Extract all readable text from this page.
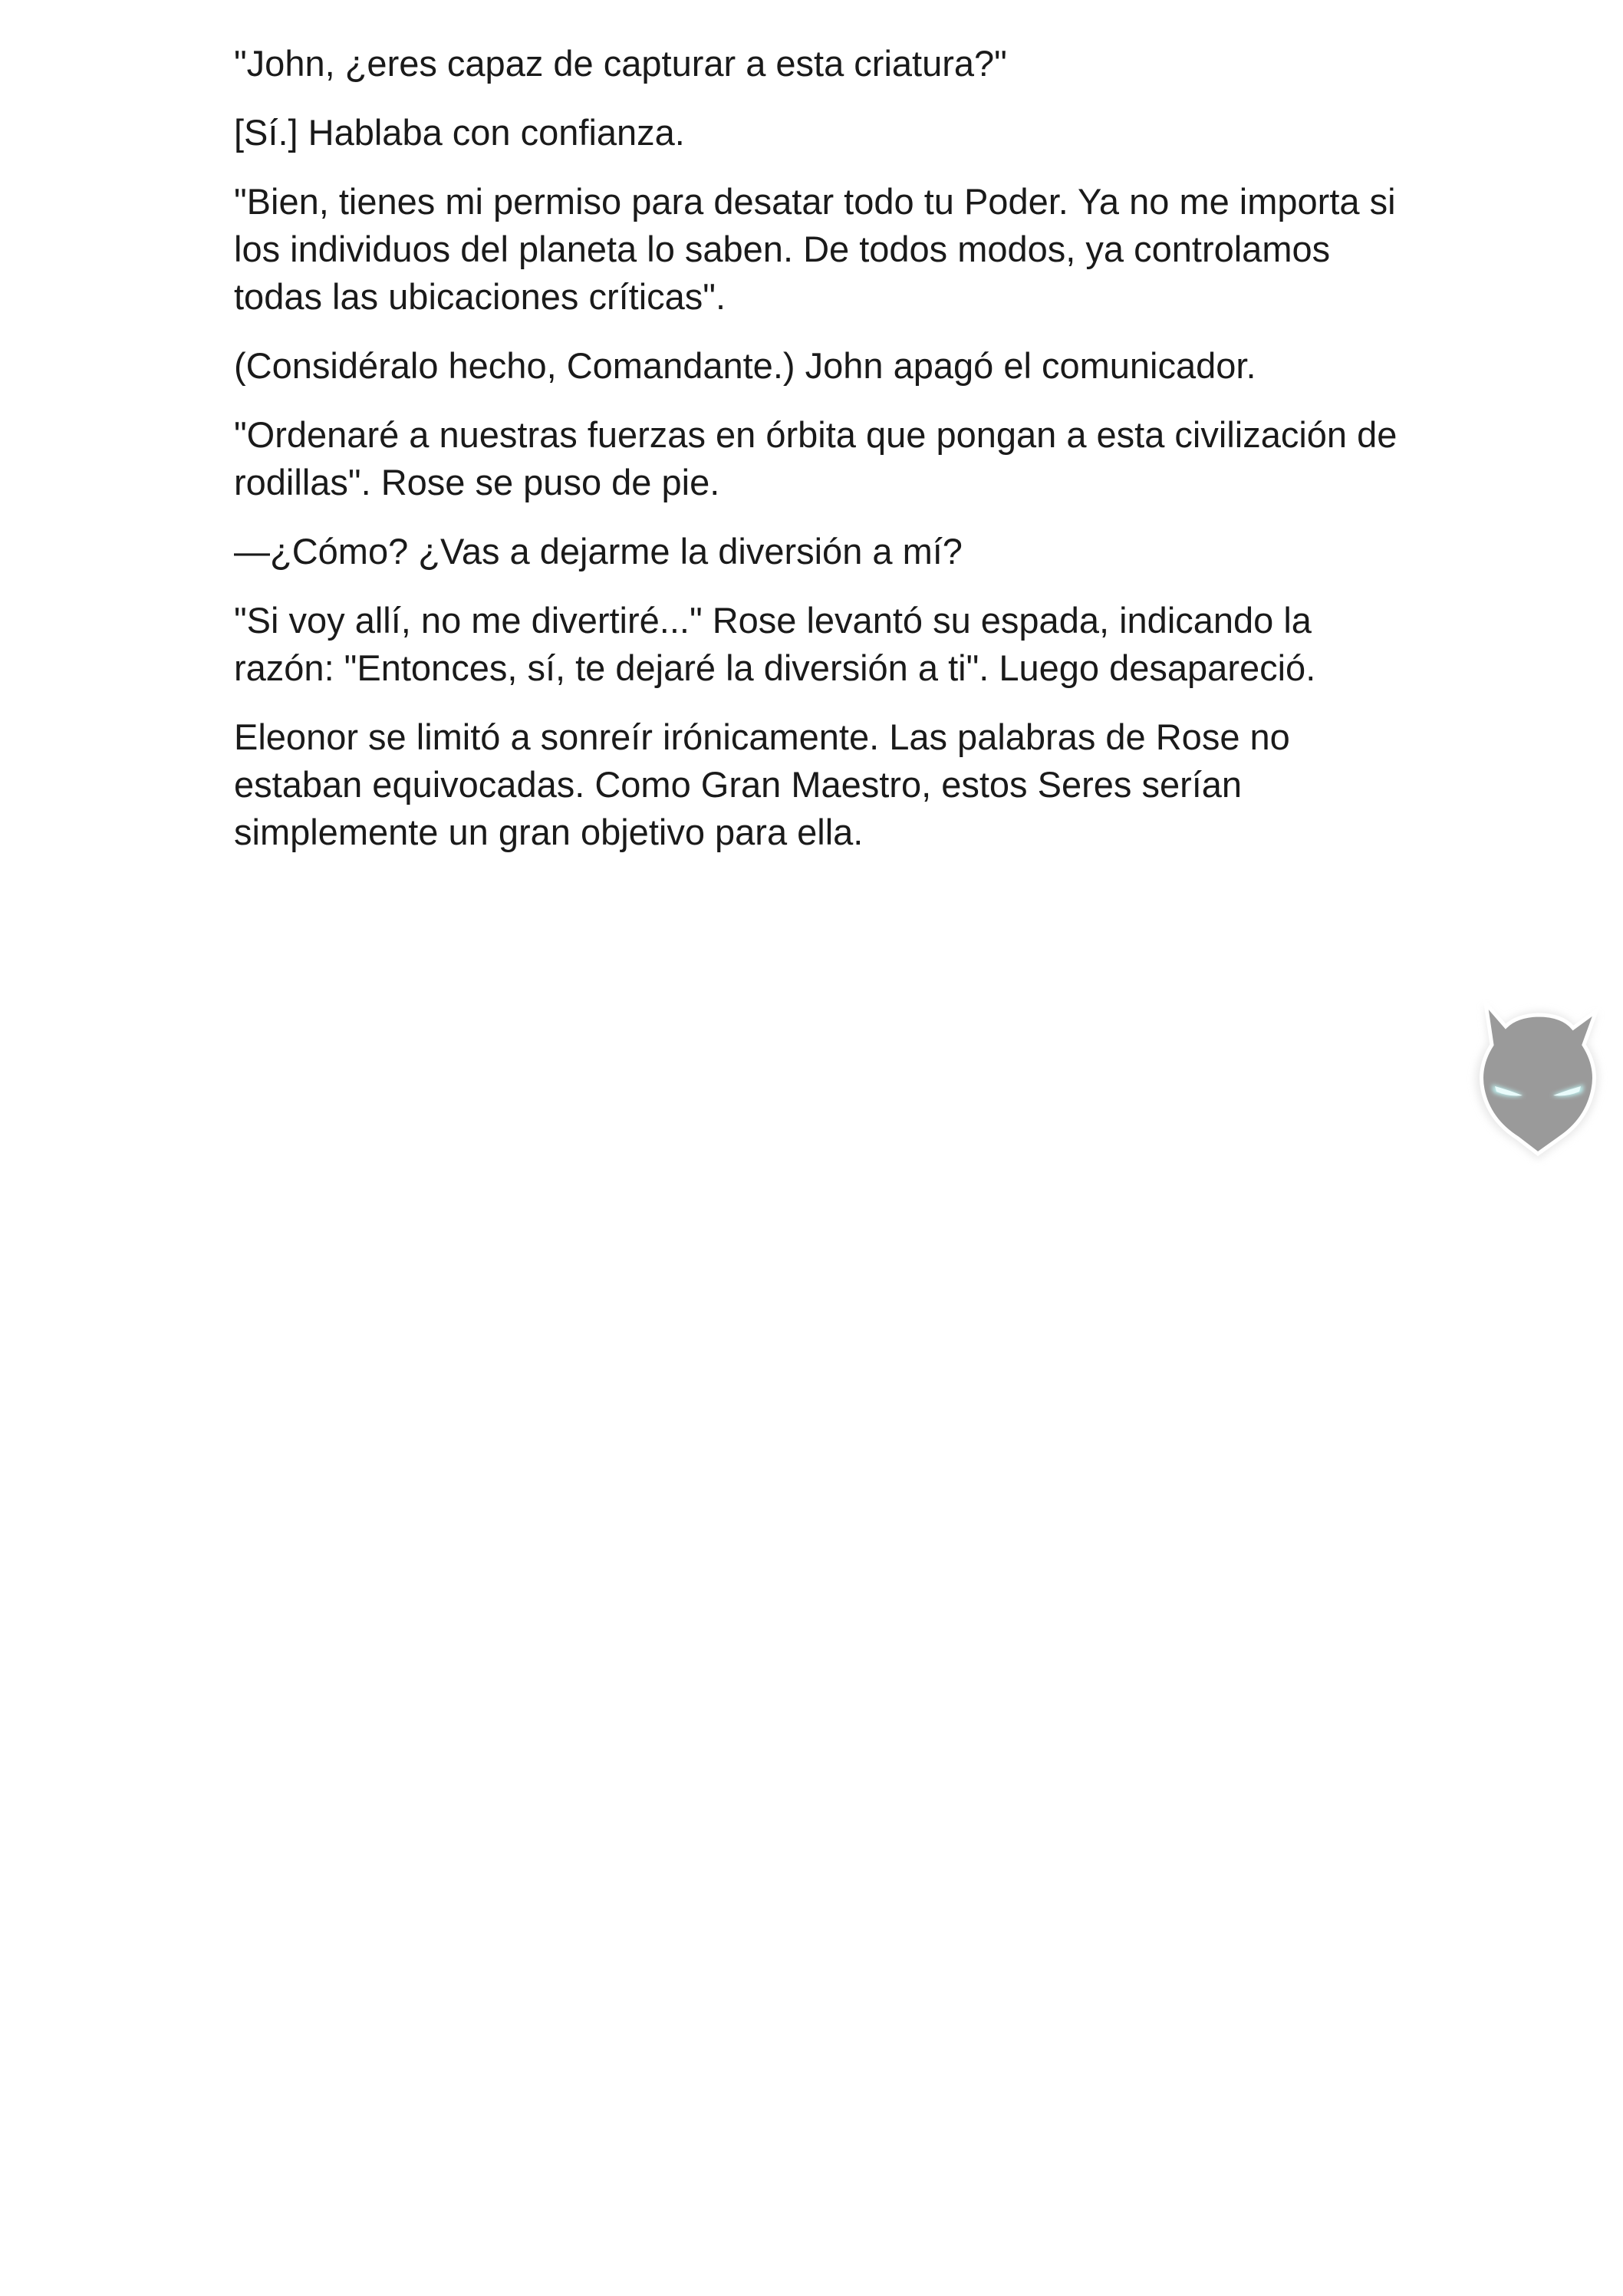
"John, ¿eres capaz de capturar a esta criatura?"

[Sí.] Hablaba con confianza.

"Bien, tienes mi permiso para desatar todo tu Poder. Ya no me importa si los individuos del planeta lo saben. De todos modos, ya controlamos todas las ubicaciones críticas".

(Considéralo hecho, Comandante.) John apagó el comunicador.

"Ordenaré a nuestras fuerzas en órbita que pongan a esta civilización de rodillas". Rose se puso de pie.

—¿Cómo? ¿Vas a dejarme la diversión a mí?

"Si voy allí, no me divertiré..." Rose levantó su espada, indicando la razón: "Entonces, sí, te dejaré la diversión a ti". Luego desapareció.

Eleonor se limitó a sonreír irónicamente. Las palabras de Rose no estaban equivocadas. Como Gran Maestro, estos Seres serían simplemente un gran objetivo para ella.
